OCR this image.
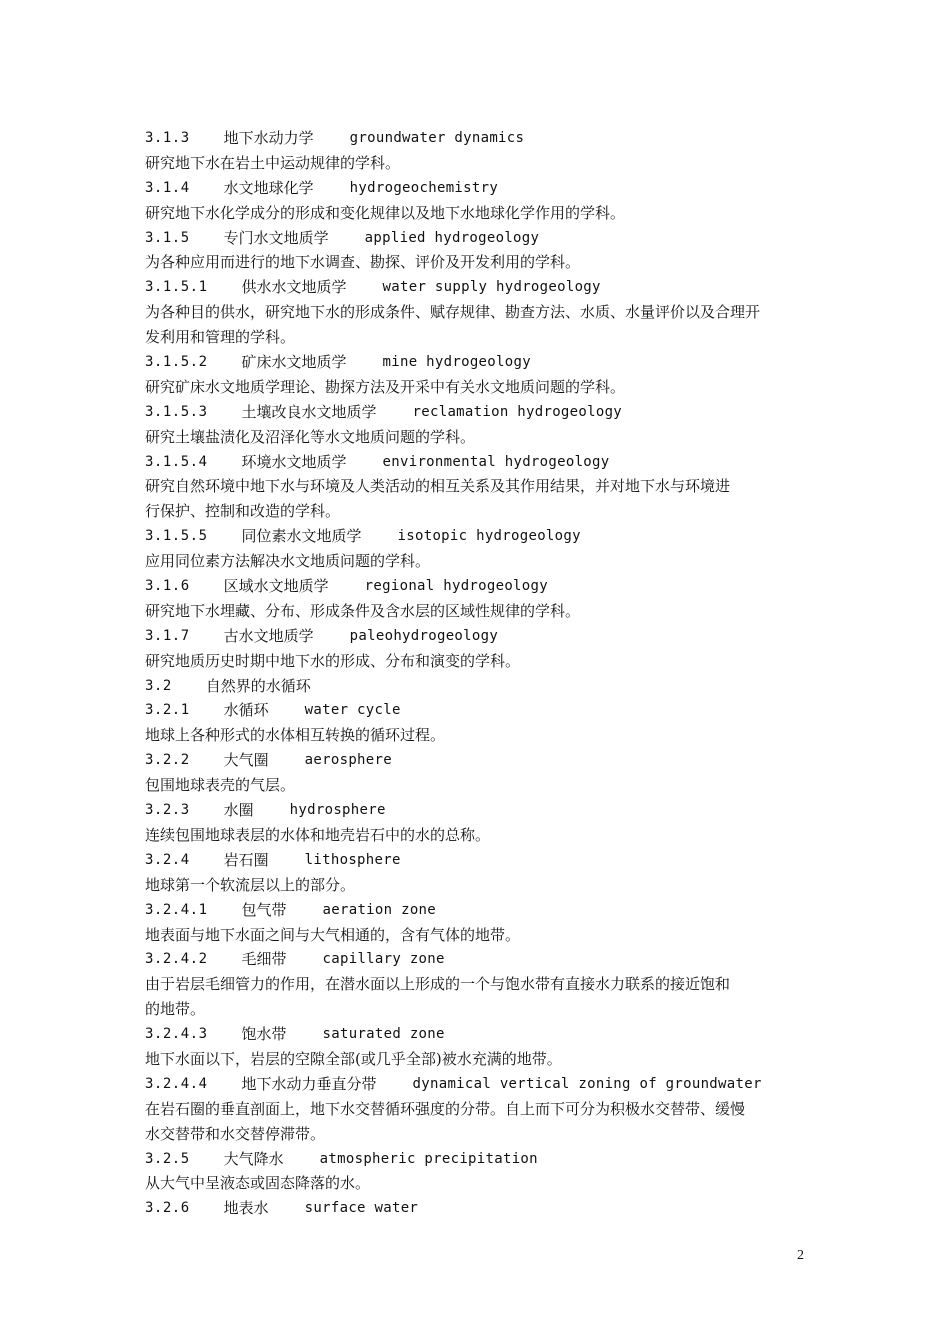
3.1.3 地下水动力学	groundwater dynamics
研究地下水在岩土中运动规律的学科。
3.1.4 水文地球化学	hydrogeochemistry
研究地下水化学成分的形成和变化规律以及地下水地球化学作用的学科。
3.1.5 专门水文地质学	applied hydrogeology
为各种应用而进行的地下水调查、勘探、评价及开发利用的学科。
3.1.5.1 供水水文地质学	water supply hydrogeology
为各种目的供水，研究地下水的形成条件、赋存规律、勘查方法、水质、水量评价以及合理开
发利用和管理的学科。
3.1.5.2 矿床水文地质学	mine hydrogeology
研究矿床水文地质学理论、勘探方法及开采中有关水文地质问题的学科。
3.1.5.3 土壤改良水文地质学	reclamation hydrogeology
研究土壤盐渍化及沼泽化等水文地质问题的学科。
3.1.5.4 环境水文地质学	environmental hydrogeology
研究自然环境中地下水与环境及人类活动的相互关系及其作用结果，并对地下水与环境进
行保护、控制和改造的学科。
3.1.5.5 同位素水文地质学	isotopic hydrogeology
应用同位素方法解决水文地质问题的学科。
3.1.6 区域水文地质学	regional hydrogeology
研究地下水埋藏、分布、形成条件及含水层的区域性规律的学科。
3.1.7 古水文地质学	paleohydrogeology
研究地质历史时期中地下水的形成、分布和演变的学科。
3.2 自然界的水循环
3.2.1 水循环	water cycle
地球上各种形式的水体相互转换的循环过程。
3.2.2 大气圈	aerosphere
包围地球表壳的气层。
3.2.3 水圈	hydrosphere
连续包围地球表层的水体和地壳岩石中的水的总称。
3.2.4 岩石圈	lithosphere
地球第一个软流层以上的部分。
3.2.4.1 包气带	aeration zone
地表面与地下水面之间与大气相通的，含有气体的地带。
3.2.4.2 毛细带	capillary zone
由于岩层毛细管力的作用，在潜水面以上形成的一个与饱水带有直接水力联系的接近饱和
的地带。
3.2.4.3 饱水带	saturated zone
地下水面以下，岩层的空隙全部(或几乎全部)被水充满的地带。
3.2.4.4 地下水动力垂直分带	dynamical vertical zoning of groundwater
在岩石圈的垂直剖面上，地下水交替循环强度的分带。自上而下可分为积极水交替带、缓慢
水交替带和水交替停滞带。
3.2.5 大气降水	atmospheric precipitation
从大气中呈液态或固态降落的水。
3.2.6 地表水	surface water
2
